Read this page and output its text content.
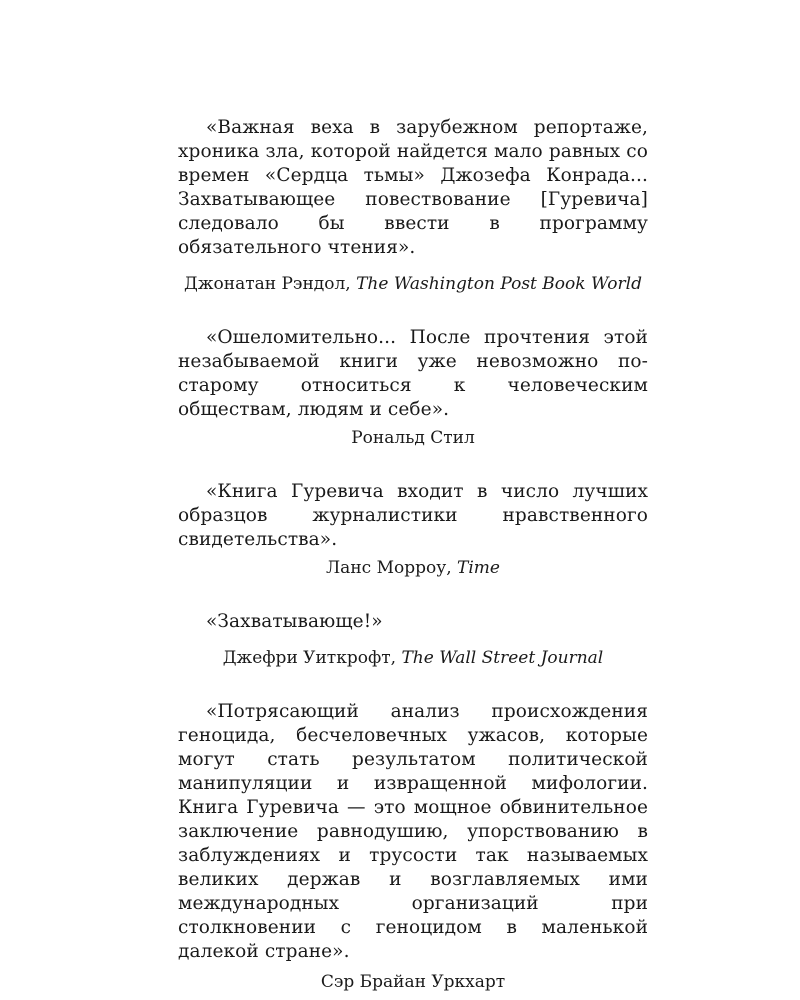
«Важная веха в зарубежном репортаже, хроника зла, которой найдется мало равных со времен «Сердца тьмы» Джозефа Конрада... Захватывающее повествование [Гуревича] следовало бы ввести в программу обязательного чтения».

Джонатан Рэндол, The Washington Post Book World

«Ошеломительно... После прочтения этой незабываемой книги уже невозможно по-старому относиться к человеческим обществам, людям и себе».

Рональд Стил

«Книга Гуревича входит в число лучших образцов журналистики нравственного свидетельства».

Ланс Морроу, Time

«Захватывающе!»

Джефри Уиткрофт, The Wall Street Journal

«Потрясающий анализ происхождения геноцида, бесчеловечных ужасов, которые могут стать результатом политической манипуляции и извращенной мифологии. Книга Гуревича — это мощное обвинительное заключение равнодушию, упорствованию в заблуждениях и трусости так называемых великих держав и возглавляемых ими международных организаций при столкновении с геноцидом в маленькой далекой стране».

Сэр Брайан Уркхарт
